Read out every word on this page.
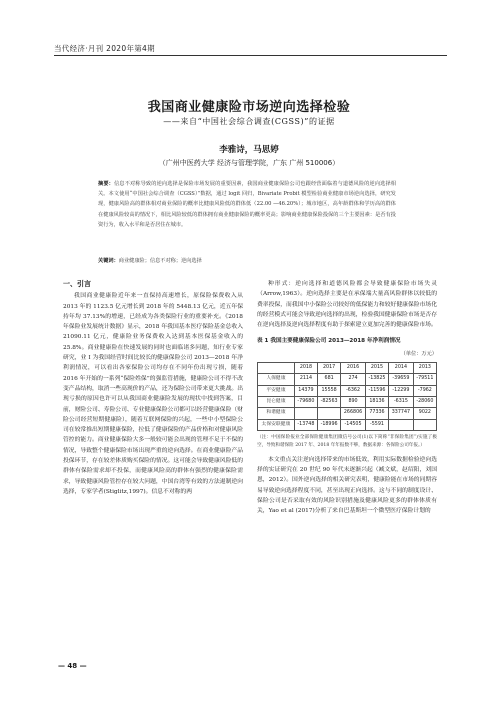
当代经济·月刊 2020年第4期
我国商业健康险市场逆向选择检验
——来自“中国社会综合调查(CGSS)”的证据
李雅诗，马思婷
（广州中医药大学 经济与管理学院，广东 广州 510006）
摘要：信息不对称导致的逆向选择是保险市场发展的重要因素，我国商业健康保险公司也跟经营面临着与道德风险的逆向选择相关。本文使用“中国社会综合调查（CGSS）”数据，通过 logit 回归，Bivariate Probit 模型检验商业健康市场逆向选择，研究发现，健康风险高的群体相对商业保险的概率比健康风险低的群体低（22.00 —46.20%）；城市地区，高年龄群体和学历高的群体在健康风险较高的情况下，相比风险较低的群体拥有商业健康保险的概率更高；影响商业健康保险投保的三个主要因素：是否有投资行为，收入水平和是否居住在城市。
关键词：商业健康险；信息不对称；逆向选择
一、引言

我国商业健康险近年来一直保持高速增长，原保险保费收入从 2013 年的 1123.5 亿元增长到 2018 年的 5448.13 亿元，近五年保持年均 37.13%的增速，已经成为各类保险行业的重要补充。《2018 年保险业发展统计数据》显示，2018 年我国基本医疗保险基金总收入 21090.11 亿元，健康险业务保费收入达到基本医保基金收入的 25.8%。商业健康险在快速发展的同时也面临诸多问题，知行业专家研究，业 I 为我国经营时间比较长的健康保险公司 2013—2018 年净利润情况，可以看出各家保险公司均存在不同年份出现亏损，随着 2016 年开始的一系列“保险姓保”的强监管措施，健康险公司不得不改变产品结构，取消一些高现价的产品，还为保险公司带来更大挑战。出现亏损的原因也许可以从我国商业健康险发展的现状中找到答案，目前，财险公司、寿险公司、专业健康保险公司都可以经营健康保险（财险公司经营短期健康险），随着互联网保险的兴起，一些中小型保险公司在较常推出短期健康保险，拉低了健康保险的产品价格和对健康风险管控的能力。商业健康保险大多一般较可能会出现的管理不足于不保的情况，导致整个健康保险市场出现严重的逆向选择。在商业健康险产品投保环节，存在较差体质购买保险的情况。这可能会导致健康风险低的群体有保险需求却不投保，而健康风险高的群体有强烈的健康保险需求，导致健康风险管控存在较大问题，中国台湾等有效的方法遏制逆向选择，专家学者(Stiglitz,1997)。信息不对称的两

种形式：逆向选择和道德风险都会导致健康保险市场失灵（Arrow,1963）。逆向选择主要是在承保端大量高风险群体以较低的费率投保，而我国中小保险公司较好的低保能力和较好健康保险市场化的经营模式可能会导致逆向选择的出现，检验我国健康保险市场是否存在逆向选择及逆向选择程度有助于探索建立更加完善的健康保险市场。

表 1 我国主要健康保险公司 2013—2018 年净利润情况
（单位：万元）
	2018	2017	2016	2015	2014	2013
人保健康	2114	681	274	-13825	-39659	-79511
平安健康	14379	15558	-6362	-11596	-12299	-7962
昆仑健康	-79680	-82563	890	18136	-6315	-28060
和谐健康			266806	77336	337747	9022
太保安联健康	-13748	-18996	-14505	-5591		
（注：中国保险报业全部保险健康集团微信号公司(1)以下简称“非保险集团”)实施了极空，导致和谐保险 2017 年、2018 年年报数不够，数据来源：各保险公司年报。）

本文重点关注逆向选择带来的市场低效，利用实际数据检验逆向选择的实证研究在 20 世纪 90 年代末逐渐兴起（臧文斌，赵绍阳，刘国恩，2012）。国外逆向选择的相关研究表明，健康险能在市场的同期容易导致逆向选择程度不同，甚至出现正向选择。这与不同的制度设计、保险公司是否采取有效的风险识别措施及健康风险更多的群体体质有关，Yao et al (2017)分析了来自巴基斯坦一个微型医疗保险计划的

— 48 —
